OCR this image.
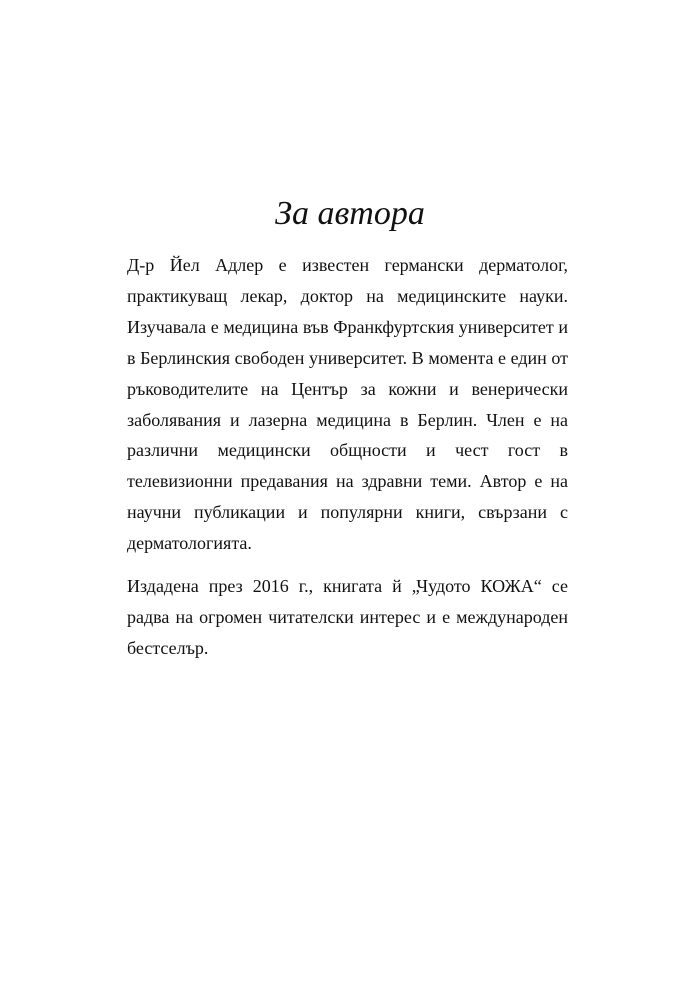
За автора

Д-р Йел Адлер е известен германски дерматолог, практикуващ лекар, доктор на медицинските науки. Изучавала е медицина във Франкфуртския университет и в Берлинския свободен университет. В момента е един от ръководителите на Център за кожни и венерически заболявания и лазерна медицина в Берлин. Член е на различни медицински общности и чест гост в телевизионни предавания на здравни теми. Автор е на научни публикации и популярни книги, свързани с дерматологията.

Издадена през 2016 г., книгата й „Чудото КОЖА“ се радва на огромен читателски интерес и е международен бестселър.
